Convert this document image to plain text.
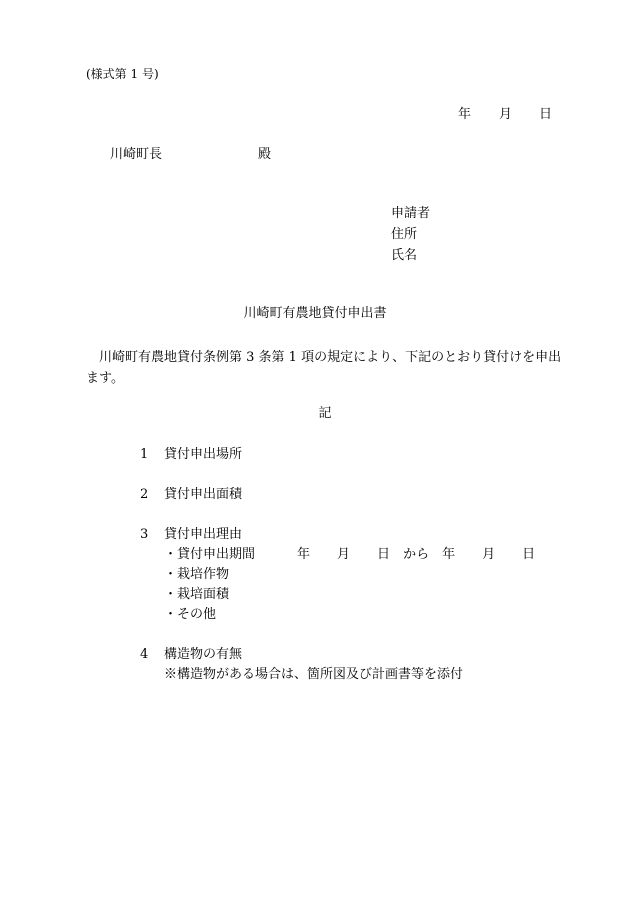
(様式第 1 号)
年 月 日
川崎町長	殿
申請者
住所
氏名
川崎町有農地貸付申出書
川崎町有農地貸付条例第 3 条第 1 項の規定により、下記のとおり貸付けを申出ます。
記
1 貸付申出場所
2 貸付申出面積
3 貸付申出理由
・貸付申出期間	年 月 日 から 年 月 日
・栽培作物
・栽培面積
・その他
4 構造物の有無
※構造物がある場合は、箇所図及び計画書等を添付
